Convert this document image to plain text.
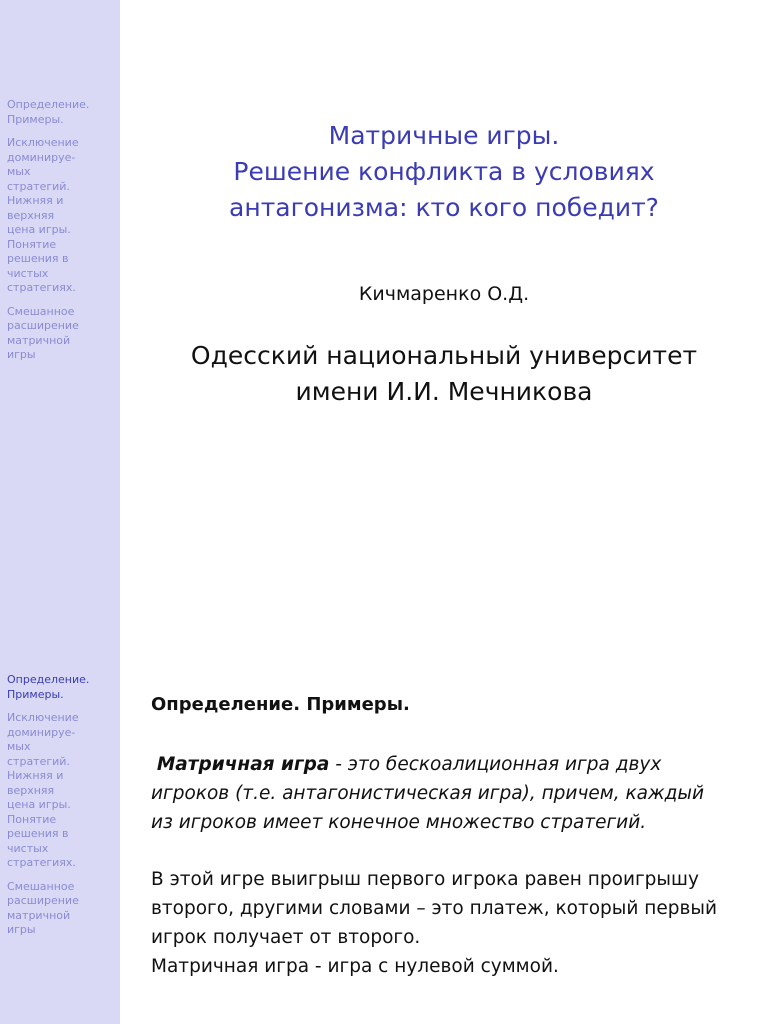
Определение.
Примеры.
Исключение
доминируе-
мых
стратегий.
Нижняя и
верхняя
цена игры.
Понятие
решения в
чистых
стратегиях.
Смешанное
расширение
матричной
игры
Матричные игры.
Решение конфликта в условиях
антагонизма: кто кого победит?
Кичмаренко О.Д.
Одесский национальный университет
имени И.И. Мечникова

Определение.
Примеры.
Исключение
доминируе-
мых
стратегий.
Нижняя и
верхняя
цена игры.
Понятие
решения в
чистых
стратегиях.
Смешанное
расширение
матричной
игры
Определение. Примеры.
Матричная игра - это бескоалиционная игра двух
игроков (т.е. антагонистическая игра), причем, каждый
из игроков имеет конечное множество стратегий.
В этой игре выигрыш первого игрока равен проигрышу
второго, другими словами – это платеж, который первый
игрок получает от второго.
Матричная игра - игра с нулевой суммой.
